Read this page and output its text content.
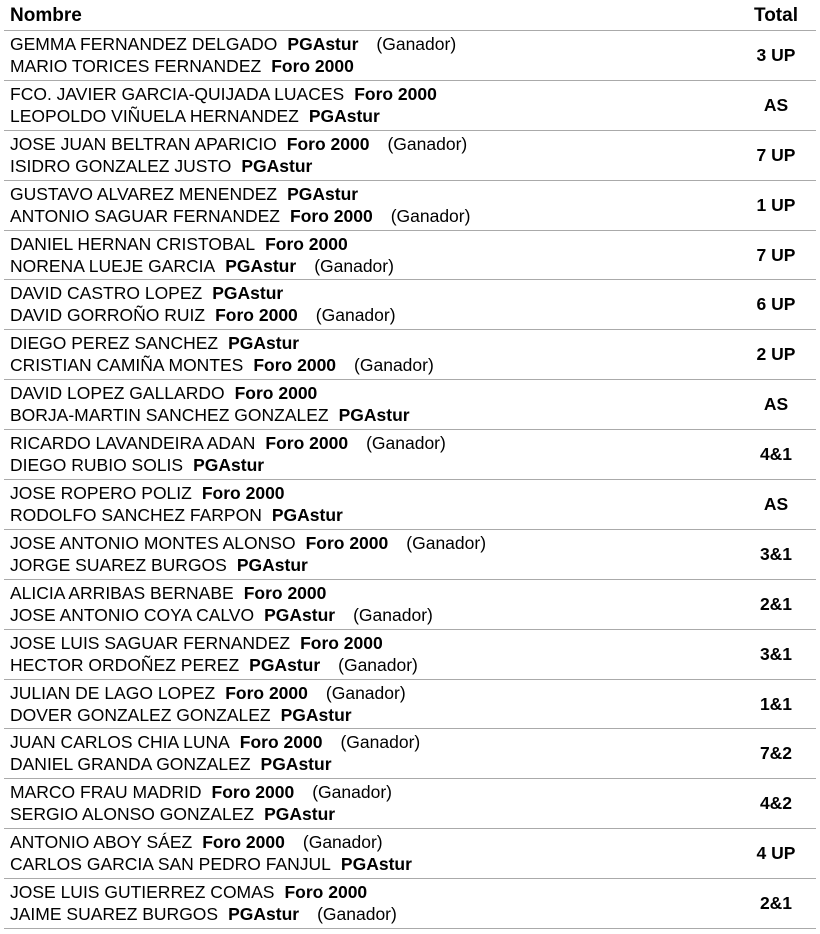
Nombre	Total
GEMMA FERNANDEZ DELGADO PGAstur (Ganador)
MARIO TORICES FERNANDEZ Foro 2000
3 UP
FCO. JAVIER GARCIA-QUIJADA LUACES Foro 2000
LEOPOLDO VIÑUELA HERNANDEZ PGAstur
AS
JOSE JUAN BELTRAN APARICIO Foro 2000 (Ganador)
ISIDRO GONZALEZ JUSTO PGAstur
7 UP
GUSTAVO ALVAREZ MENENDEZ PGAstur
ANTONIO SAGUAR FERNANDEZ Foro 2000 (Ganador)
1 UP
DANIEL HERNAN CRISTOBAL Foro 2000
NORENA LUEJE GARCIA PGAstur (Ganador)
7 UP
DAVID CASTRO LOPEZ PGAstur
DAVID GORROÑO RUIZ Foro 2000 (Ganador)
6 UP
DIEGO PEREZ SANCHEZ PGAstur
CRISTIAN CAMIÑA MONTES Foro 2000 (Ganador)
2 UP
DAVID LOPEZ GALLARDO Foro 2000
BORJA-MARTIN SANCHEZ GONZALEZ PGAstur
AS
RICARDO LAVANDEIRA ADAN Foro 2000 (Ganador)
DIEGO RUBIO SOLIS PGAstur
4&1
JOSE ROPERO POLIZ Foro 2000
RODOLFO SANCHEZ FARPON PGAstur
AS
JOSE ANTONIO MONTES ALONSO Foro 2000 (Ganador)
JORGE SUAREZ BURGOS PGAstur
3&1
ALICIA ARRIBAS BERNABE Foro 2000
JOSE ANTONIO COYA CALVO PGAstur (Ganador)
2&1
JOSE LUIS SAGUAR FERNANDEZ Foro 2000
HECTOR ORDOÑEZ PEREZ PGAstur (Ganador)
3&1
JULIAN DE LAGO LOPEZ Foro 2000 (Ganador)
DOVER GONZALEZ GONZALEZ PGAstur
1&1
JUAN CARLOS CHIA LUNA Foro 2000 (Ganador)
DANIEL GRANDA GONZALEZ PGAstur
7&2
MARCO FRAU MADRID Foro 2000 (Ganador)
SERGIO ALONSO GONZALEZ PGAstur
4&2
ANTONIO ABOY SÁEZ Foro 2000 (Ganador)
CARLOS GARCIA SAN PEDRO FANJUL PGAstur
4 UP
JOSE LUIS GUTIERREZ COMAS Foro 2000
JAIME SUAREZ BURGOS PGAstur (Ganador)
2&1
